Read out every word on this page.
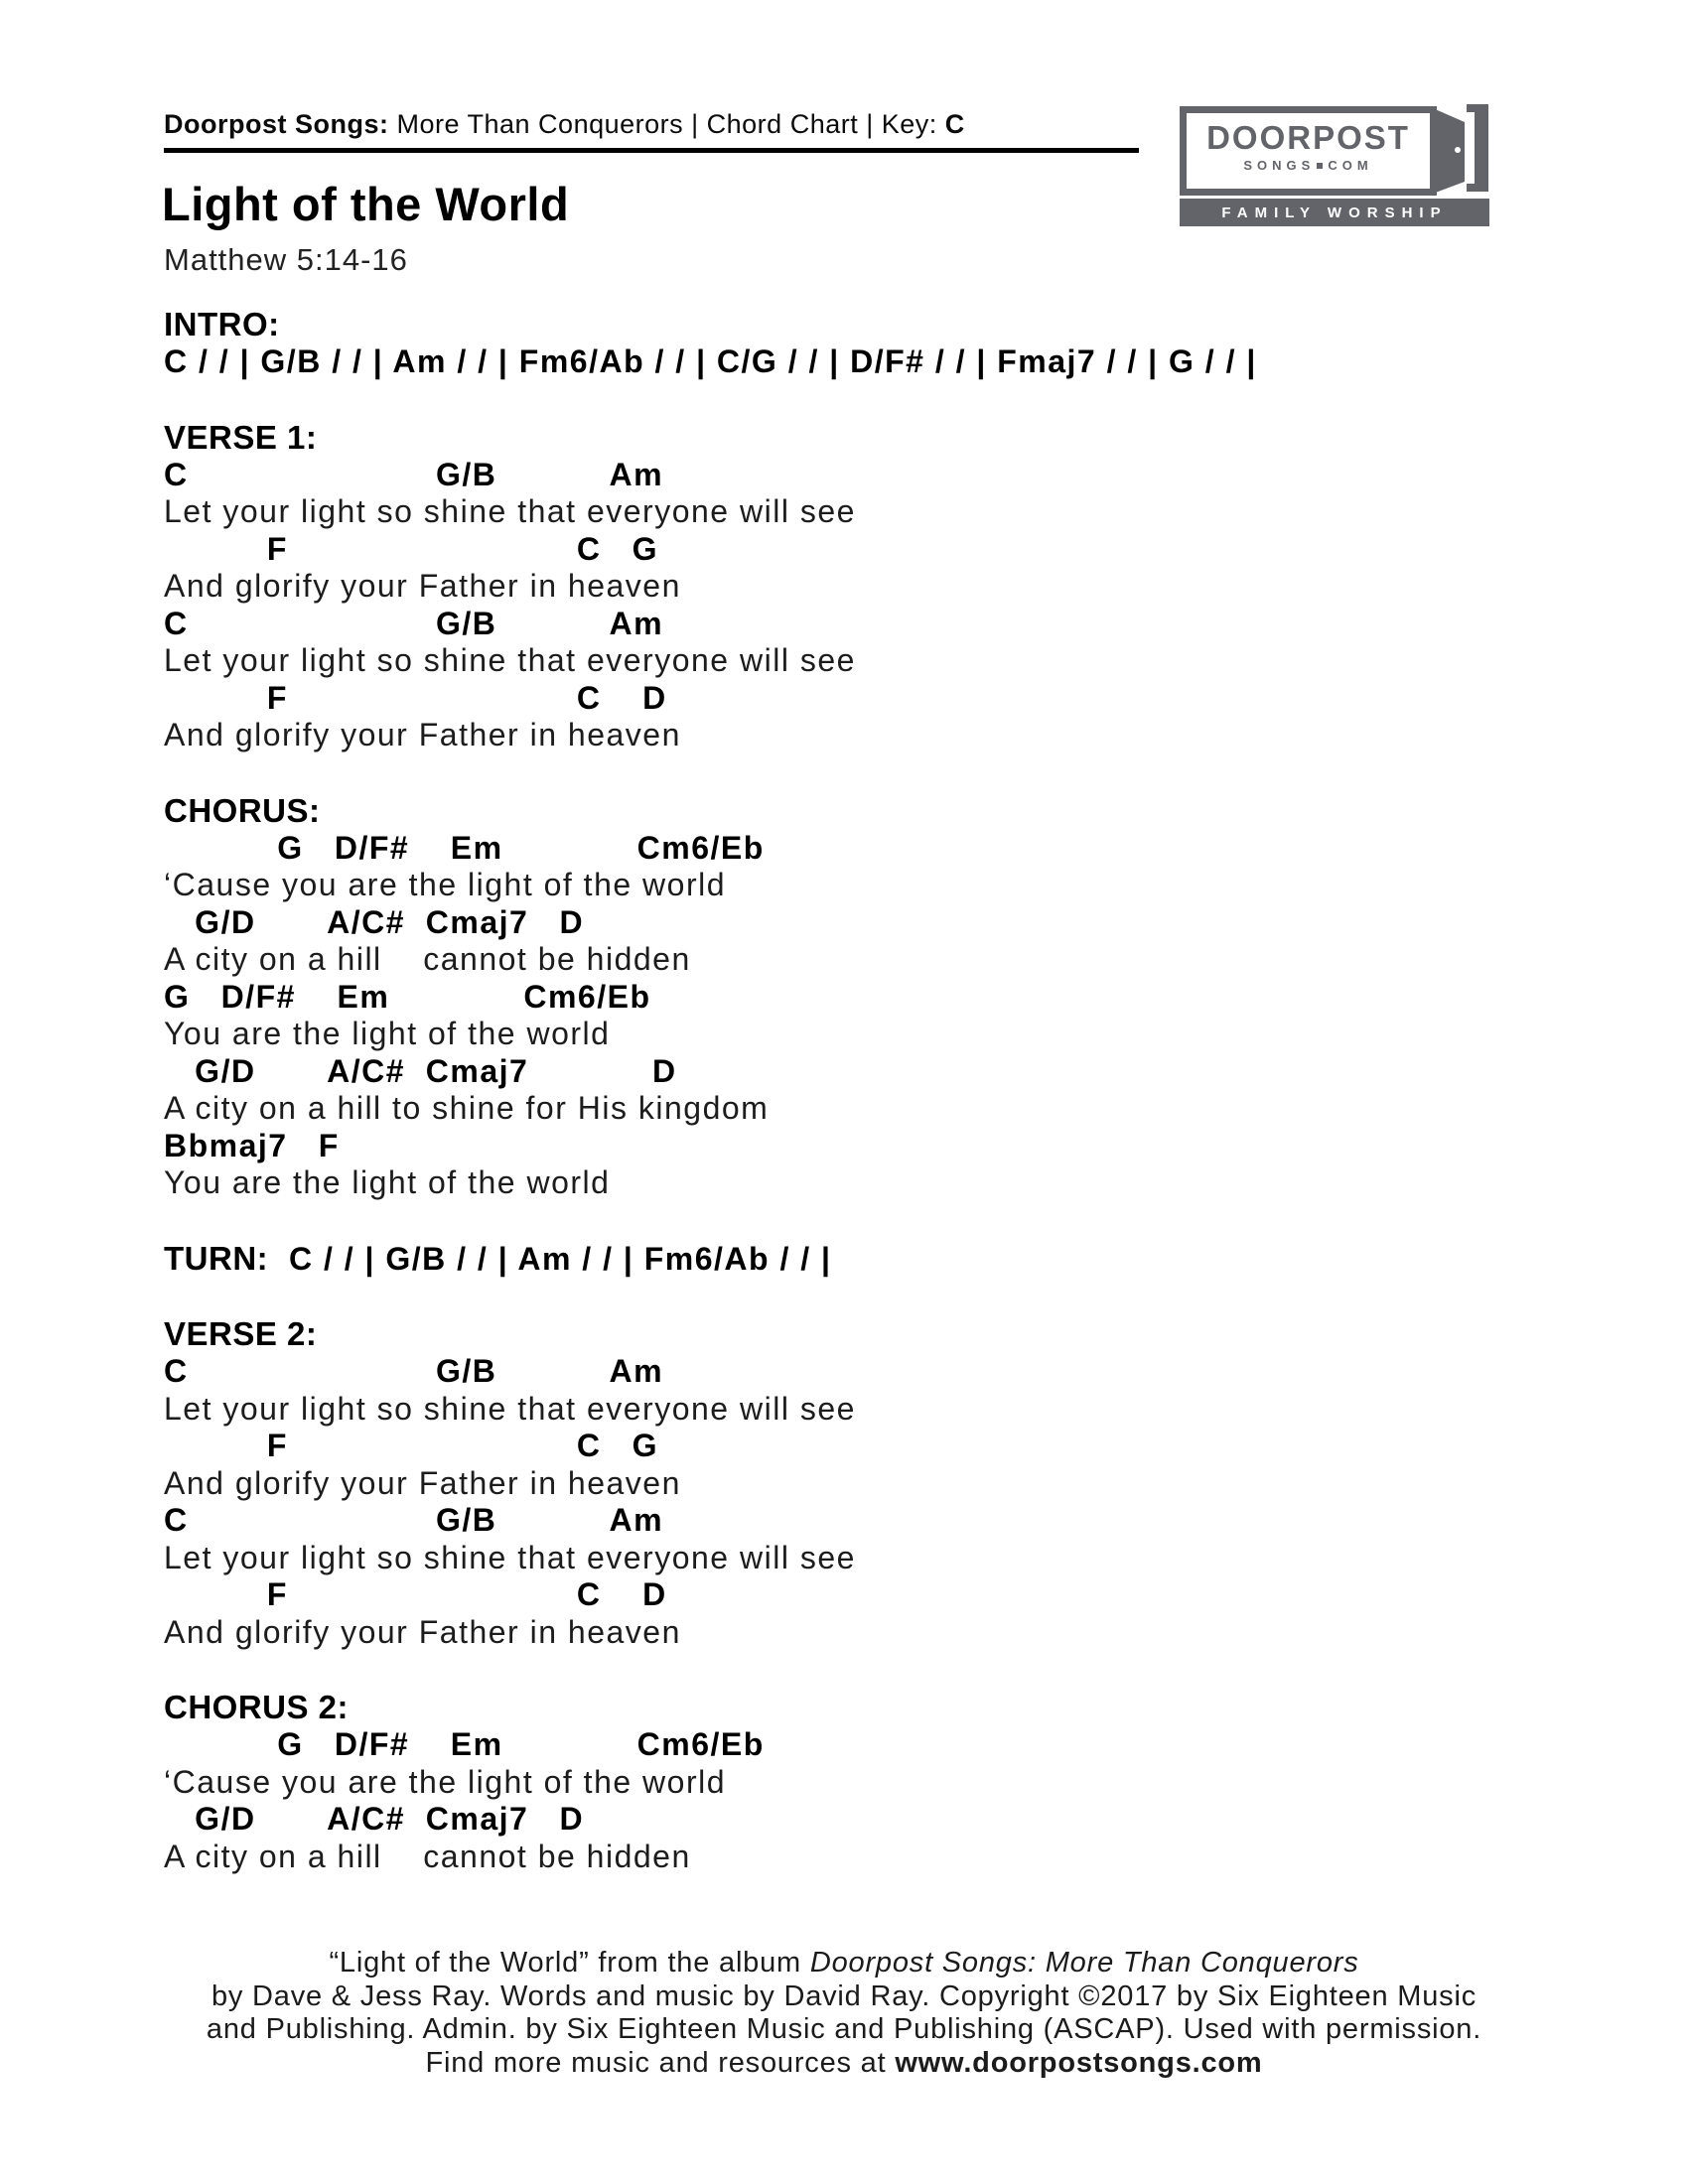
Doorpost Songs: More Than Conquerors | Chord Chart | Key: C	DOORPOST
SONGS COM
FAMILY WORSHIP
Light of the World
Matthew 5:14-16
INTRO:
C / / | G/B / / | Am / / | Fm6/Ab / / | C/G / / | D/F# / / | Fmaj7 / / | G / / |
VERSE 1:
C                        G/B           Am
Let your light so shine that everyone will see
F                            C   G
And glorify your Father in heaven
C                        G/B           Am
Let your light so shine that everyone will see
F                            C    D
And glorify your Father in heaven
CHORUS:
G   D/F#    Em             Cm6/Eb
‘Cause you are the light of the world
G/D       A/C#  Cmaj7   D
A city on a hill    cannot be hidden
G   D/F#    Em             Cm6/Eb
You are the light of the world
G/D       A/C#  Cmaj7            D
A city on a hill to shine for His kingdom
Bbmaj7   F
You are the light of the world
TURN:  C / / | G/B / / | Am / / | Fm6/Ab / / |
VERSE 2:
C                        G/B           Am
Let your light so shine that everyone will see
F                            C   G
And glorify your Father in heaven
C                        G/B           Am
Let your light so shine that everyone will see
F                            C    D
And glorify your Father in heaven
CHORUS 2:
G   D/F#    Em             Cm6/Eb
‘Cause you are the light of the world
G/D       A/C#  Cmaj7   D
A city on a hill    cannot be hidden
“Light of the World” from the album Doorpost Songs: More Than Conquerors
by Dave & Jess Ray. Words and music by David Ray. Copyright ©2017 by Six Eighteen Music
and Publishing. Admin. by Six Eighteen Music and Publishing (ASCAP). Used with permission.
Find more music and resources at www.doorpostsongs.com
